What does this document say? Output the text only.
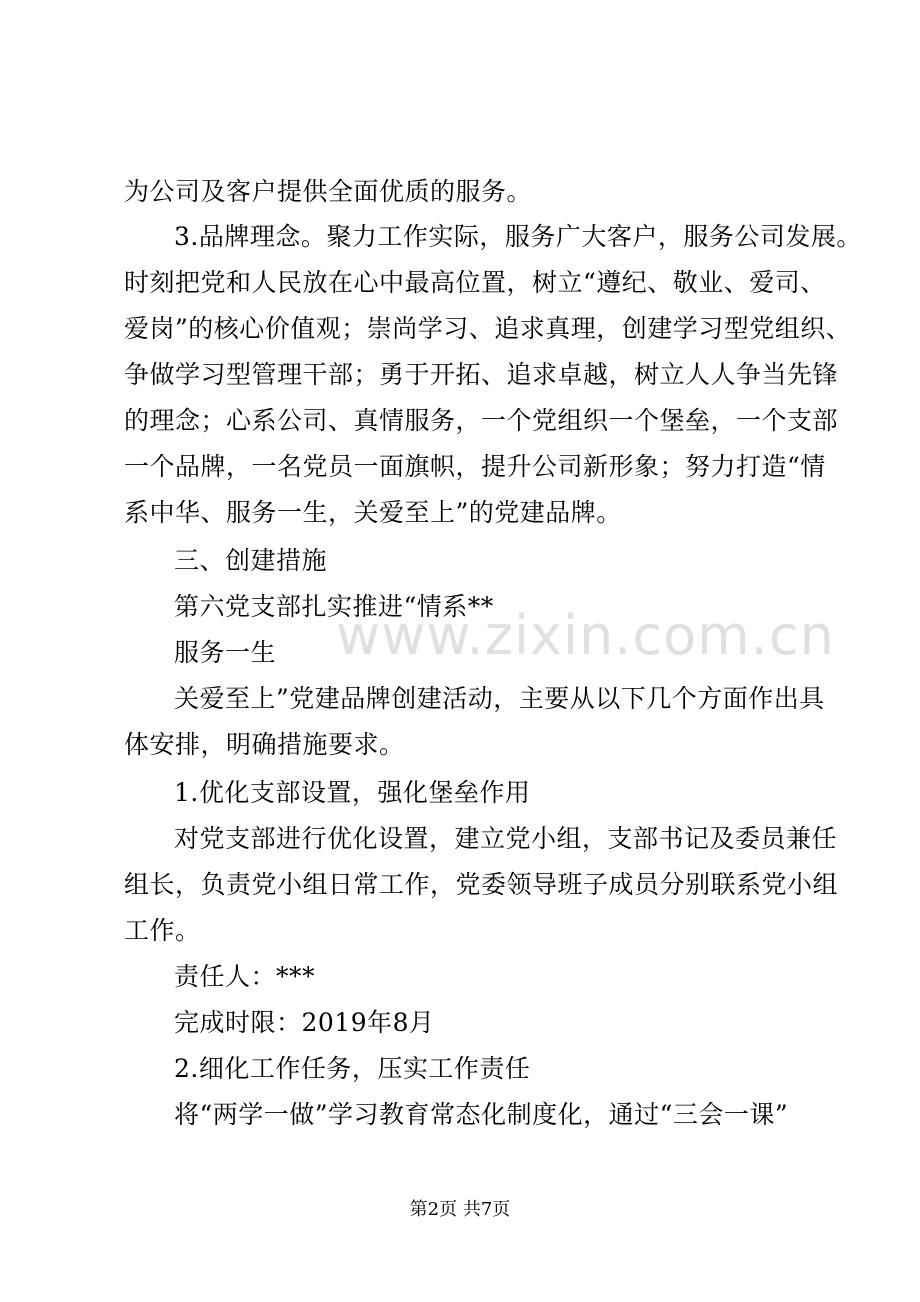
为公司及客户提供全面优质的服务。
3.品牌理念。聚力工作实际，服务广大客户，服务公司发展。
时刻把党和人民放在心中最高位置，树立“遵纪、敬业、爱司、
爱岗”的核心价值观；崇尚学习、追求真理，创建学习型党组织、
争做学习型管理干部；勇于开拓、追求卓越，树立人人争当先锋
的理念；心系公司、真情服务，一个党组织一个堡垒，一个支部
一个品牌，一名党员一面旗帜，提升公司新形象；努力打造“情
系中华、服务一生，关爱至上”的党建品牌。
三、创建措施
第六党支部扎实推进“情系**
服务一生
关爱至上”党建品牌创建活动，主要从以下几个方面作出具
体安排，明确措施要求。
1.优化支部设置，强化堡垒作用
对党支部进行优化设置，建立党小组，支部书记及委员兼任
组长，负责党小组日常工作，党委领导班子成员分别联系党小组
工作。
责任人：***
完成时限：2019年8月
2.细化工作任务，压实工作责任
将“两学一做”学习教育常态化制度化，通过“三会一课”
www.zixin.com.cn
第2页 共7页
